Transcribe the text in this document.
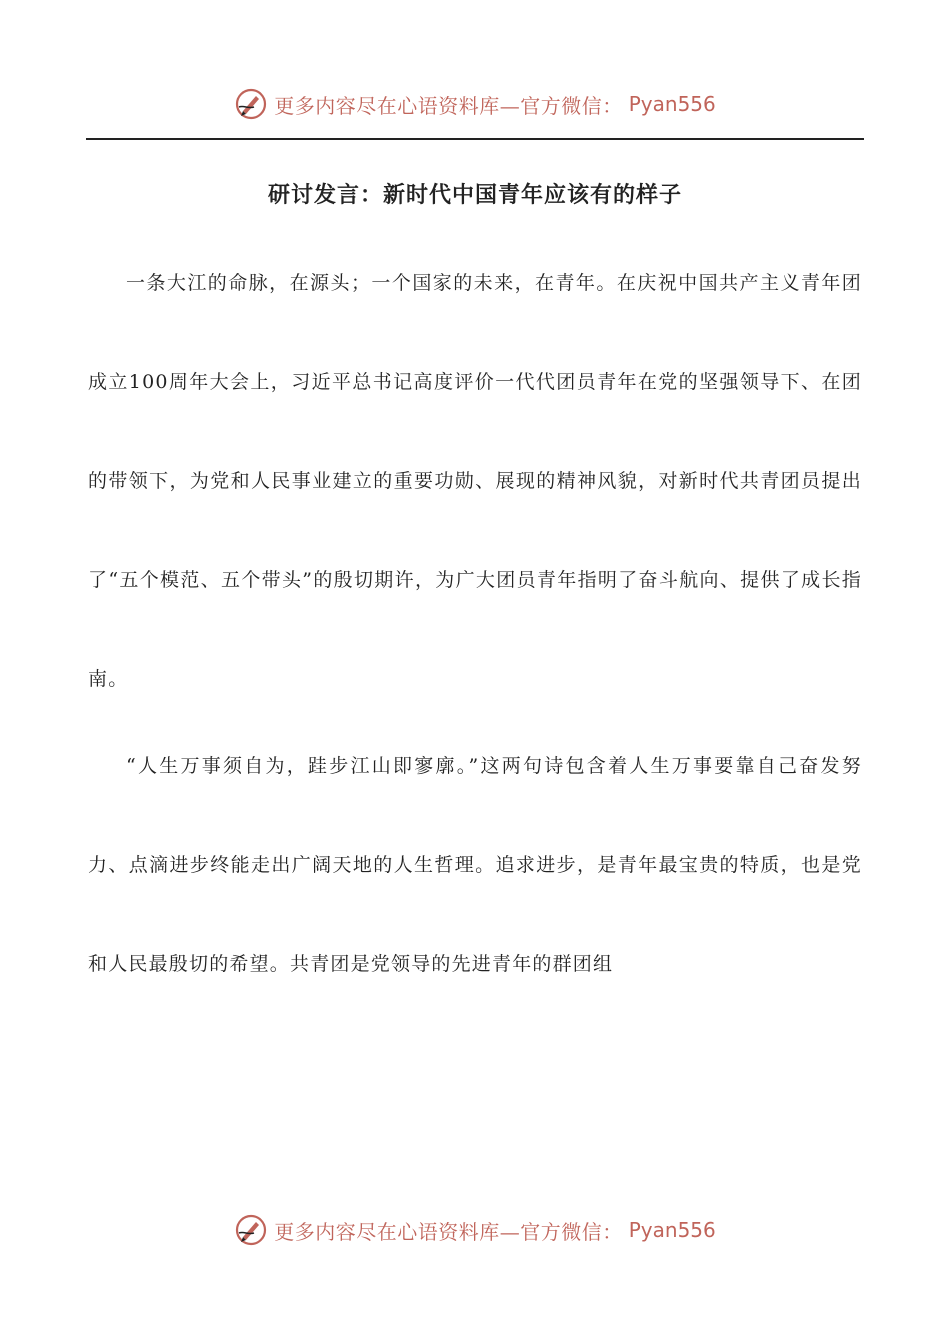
更多内容尽在心语资料库—官方微信： Pyan556
研讨发言：新时代中国青年应该有的样子

一条大江的命脉，在源头；一个国家的未来，在青年。在庆祝中国共产主义青年团成立100周年大会上，习近平总书记高度评价一代代团员青年在党的坚强领导下、在团的带领下，为党和人民事业建立的重要功勋、展现的精神风貌，对新时代共青团员提出了“五个模范、五个带头”的殷切期许，为广大团员青年指明了奋斗航向、提供了成长指南。

“人生万事须自为，跬步江山即寥廓。”这两句诗包含着人生万事要靠自己奋发努力、点滴进步终能走出广阔天地的人生哲理。追求进步，是青年最宝贵的特质，也是党和人民最殷切的希望。共青团是党领导的先进青年的群团组

更多内容尽在心语资料库—官方微信： Pyan556
